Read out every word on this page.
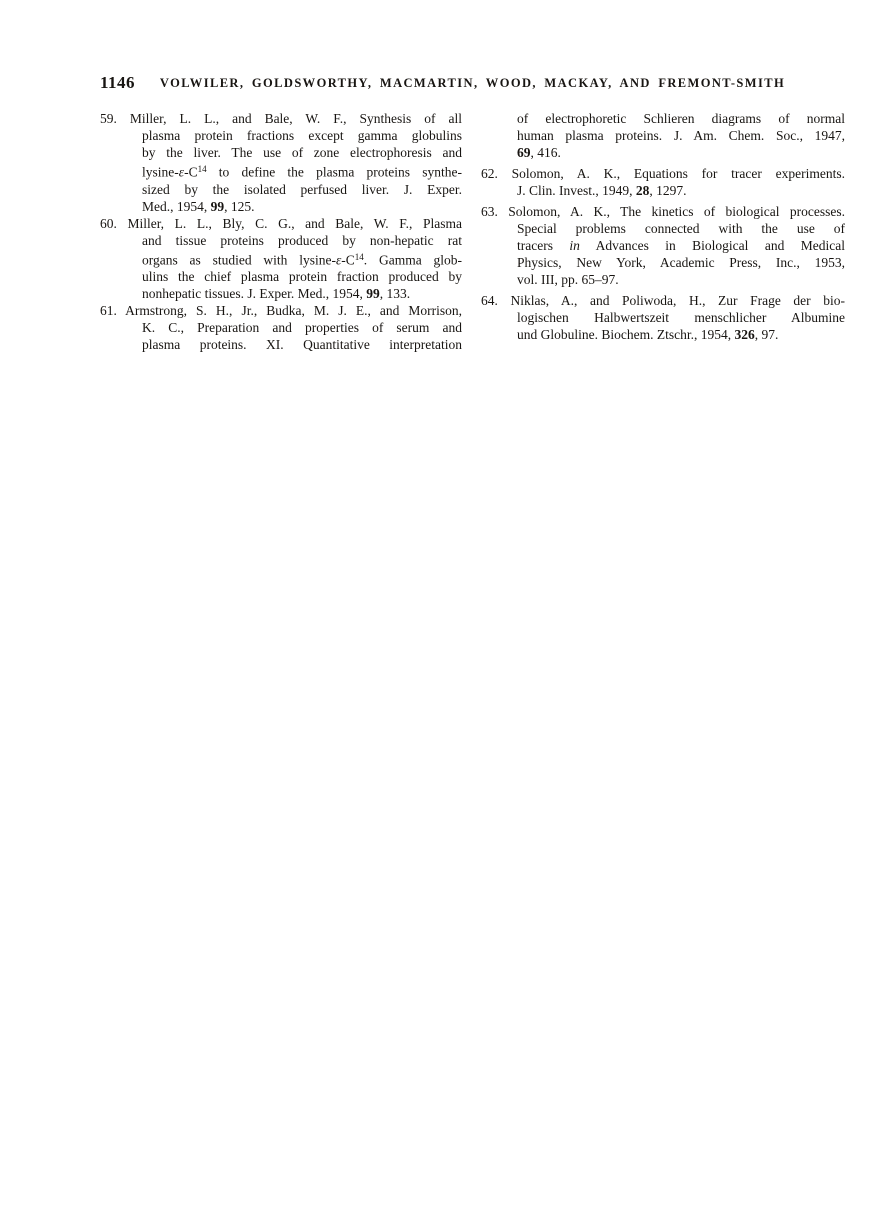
1146	VOLWILER, GOLDSWORTHY, MACMARTIN, WOOD, MACKAY, AND FREMONT-SMITH
59. Miller, L. L., and Bale, W. F., Synthesis of all
plasma protein fractions except gamma globulins
by the liver. The use of zone electrophoresis and
lysine-$\varepsilon-C^{14}$ to define the plasma proteins synthe-
sized by the isolated perfused liver. J. Exper.
Med., 1954, 99, 125.
60. Miller, L. L., Bly, C. G., and Bale, W. F., Plasma
and tissue proteins produced by non-hepatic rat
organs as studied with lysine-$\varepsilon-C^{14}$. Gamma glob-
ulins the chief plasma protein fraction produced by
nonhepatic tissues. J. Exper. Med., 1954, 99, 133.
61. Armstrong, S. H., Jr., Budka, M. J. E., and Morrison,
K. C., Preparation and properties of serum and
plasma proteins. XI. Quantitative interpretation
of electrophoretic Schlieren diagrams of normal
human plasma proteins. J. Am. Chem. Soc., 1947,
69, 416.
62. Solomon, A. K., Equations for tracer experiments.
J. Clin. Invest., 1949, 28, 1297.
63. Solomon, A. K., The kinetics of biological processes.
Special problems connected with the use of
tracers in Advances in Biological and Medical
Physics, New York, Academic Press, Inc., 1953,
vol. III, pp. 65–97.
64. Niklas, A., and Poliwoda, H., Zur Frage der bio-
logischen Halbwertszeit menschlicher Albumine
und Globuline. Biochem. Ztschr., 1954, 326, 97.
